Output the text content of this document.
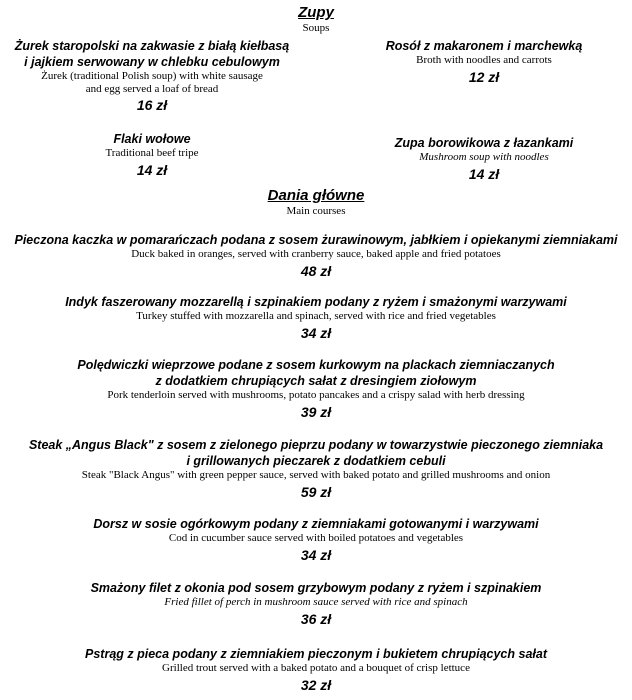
Zupy
Soups
Żurek staropolski na zakwasie z białą kiełbasą
i jajkiem serwowany w chlebku cebulowym
Żurek (traditional Polish soup) with white sausage
and egg served a loaf of bread
16 zł
Rosół z makaronem i marchewką
Broth with noodles and carrots
12 zł
Flaki wołowe
Traditional beef tripe
14 zł
Zupa borowikowa z łazankami
Mushroom soup with noodles
14 zł
Dania główne
Main courses
Pieczona kaczka w pomarańczach podana z sosem żurawinowym, jabłkiem i opiekanymi ziemniakami
Duck baked in oranges, served with cranberry sauce, baked apple and fried potatoes
48 zł
Indyk faszerowany mozzarellą i szpinakiem podany z ryżem i smażonymi warzywami
Turkey stuffed with mozzarella and spinach, served with rice and fried vegetables
34 zł
Polędwiczki wieprzowe podane z sosem kurkowym na plackach ziemniaczanych
z dodatkiem chrupiących sałat z dresingiem ziołowym
Pork tenderloin served with mushrooms, potato pancakes and a crispy salad with herb dressing
39 zł
Steak „Angus Black" z sosem z zielonego pieprzu podany w towarzystwie pieczonego ziemniaka
i grillowanych pieczarek z dodatkiem cebuli
Steak "Black Angus" with green pepper sauce, served with baked potato and grilled mushrooms and onion
59 zł
Dorsz w sosie ogórkowym podany z ziemniakami gotowanymi i warzywami
Cod in cucumber sauce served with boiled potatoes and vegetables
34 zł
Smażony filet z okonia pod sosem grzybowym podany z ryżem i szpinakiem
Fried fillet of perch in mushroom sauce served with rice and spinach
36 zł
Pstrąg z pieca podany z ziemniakiem pieczonym i bukietem chrupiących sałat
Grilled trout served with a baked potato and a bouquet of crisp lettuce
32 zł
